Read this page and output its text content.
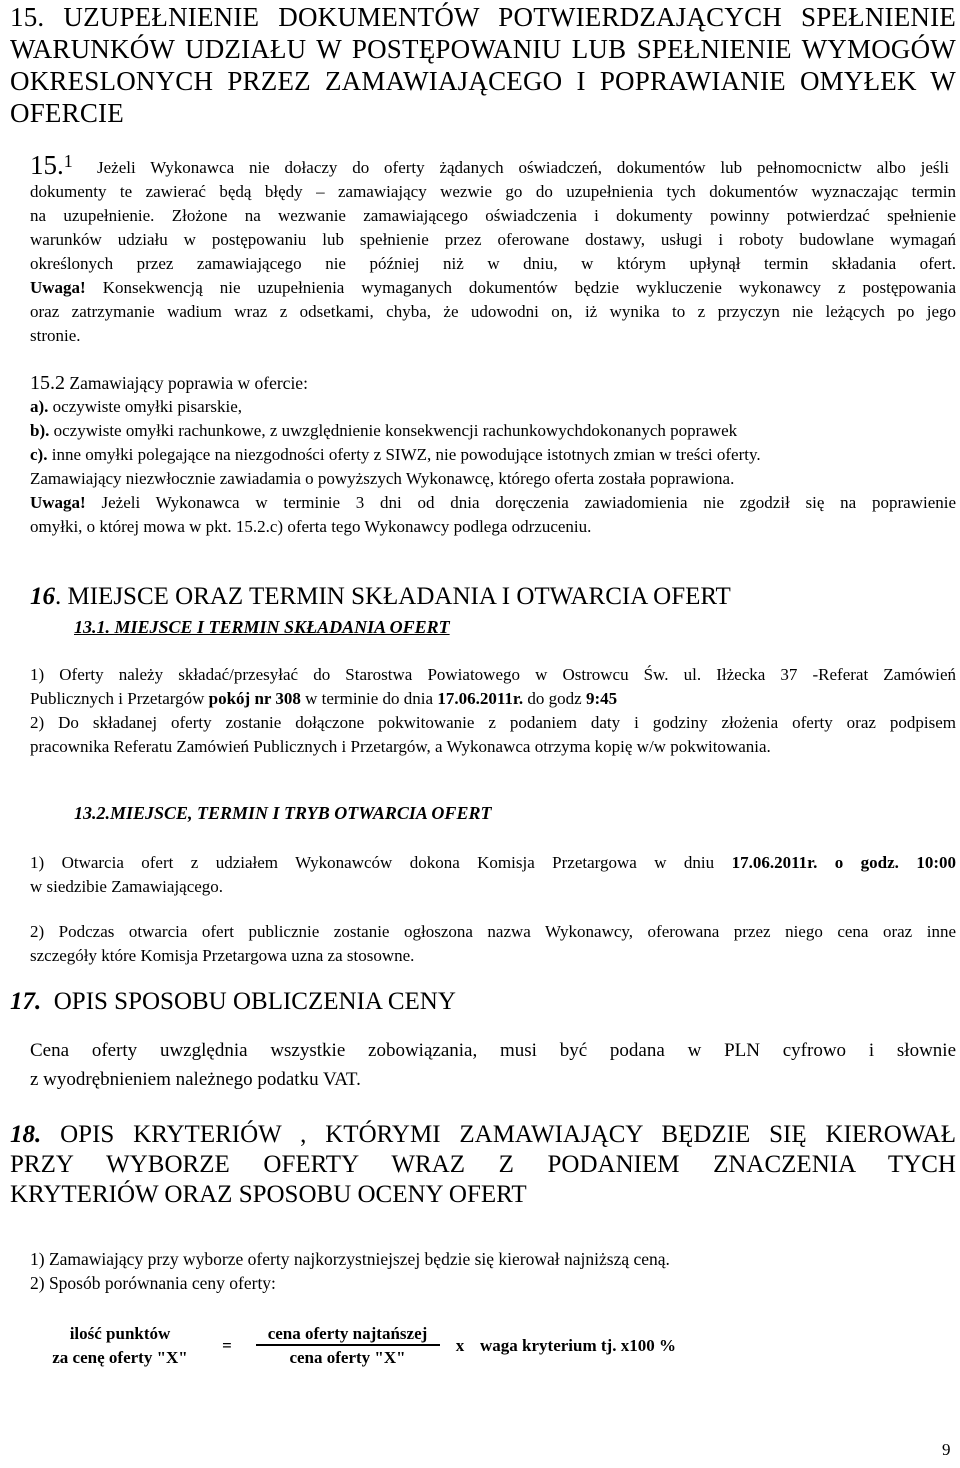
15. UZUPEŁNIENIE DOKUMENTÓW POTWIERDZAJĄCYCH SPEŁNIENIE
WARUNKÓW UDZIAŁU W POSTĘPOWANIU LUB SPEŁNIENIE WYMOGÓW
OKRESLONYCH PRZEZ ZAMAWIAJĄCEGO I POPRAWIANIE OMYŁEK W
OFERCIE
15.$^1$ Jeżeli Wykonawca nie dołaczy do oferty żądanych oświadczeń, dokumentów lub pełnomocnictw albo jeśli
dokumenty te zawierać będą błędy – zamawiający wezwie go do uzupełnienia tych dokumentów wyznaczając termin
na uzupełnienie. Złożone na wezwanie zamawiającego oświadczenia i dokumenty powinny potwierdzać spełnienie
warunków udziału w postępowaniu lub spełnienie przez oferowane dostawy, usługi i roboty budowlane wymagań
określonych przez zamawiającego nie później niż w dniu, w którym upłynął termin składania ofert.
Uwaga! Konsekwencją nie uzupełnienia wymaganych dokumentów będzie wykluczenie wykonawcy z postępowania
oraz zatrzymanie wadium wraz z odsetkami, chyba, że udowodni on, iż wynika to z przyczyn nie leżących po jego
stronie.
15.2 Zamawiający poprawia w ofercie:
a). oczywiste omyłki pisarskie,
b). oczywiste omyłki rachunkowe, z uwzględnienie konsekwencji rachunkowychdokonanych poprawek
c). inne omyłki polegające na niezgodności oferty z SIWZ, nie powodujące istotnych zmian w treści oferty.
Zamawiający niezwłocznie zawiadamia o powyższych Wykonawcę, którego oferta została poprawiona.
Uwaga! Jeżeli Wykonawca w terminie 3 dni od dnia doręczenia zawiadomienia nie zgodził się na poprawienie
omyłki, o której mowa w pkt. 15.2.c) oferta tego Wykonawcy podlega odrzuceniu.
16. MIEJSCE ORAZ TERMIN SKŁADANIA I OTWARCIA OFERT
13.1. MIEJSCE I TERMIN SKŁADANIA OFERT
1) Oferty należy składać/przesyłać do Starostwa Powiatowego w Ostrowcu Św. ul. Iłżecka 37 -Referat Zamówień
Publicznych i Przetargów pokój nr 308 w terminie do dnia 17.06.2011r. do godz 9:45
2) Do składanej oferty zostanie dołączone pokwitowanie z podaniem daty i godziny złożenia oferty oraz podpisem
pracownika Referatu Zamówień Publicznych i Przetargów, a Wykonawca otrzyma kopię w/w pokwitowania.
13.2.MIEJSCE, TERMIN I TRYB OTWARCIA OFERT
1) Otwarcia ofert z udziałem Wykonawców dokona Komisja Przetargowa w dniu 17.06.2011r. o godz. 10:00
w siedzibie Zamawiającego.
2) Podczas otwarcia ofert publicznie zostanie ogłoszona nazwa Wykonawcy, oferowana przez niego cena oraz inne
szczegóły które Komisja Przetargowa uzna za stosowne.
17. OPIS SPOSOBU OBLICZENIA CENY
Cena oferty uwzględnia wszystkie zobowiązania, musi być podana w PLN cyfrowo i słownie
z wyodrębnieniem należnego podatku VAT.
18. OPIS KRYTERIÓW , KTÓRYMI ZAMAWIAJĄCY BĘDZIE SIĘ KIEROWAŁ
PRZY WYBORZE OFERTY WRAZ Z PODANIEM ZNACZENIA TYCH
KRYTERIÓW ORAZ SPOSOBU OCENY OFERT
1) Zamawiający przy wyborze oferty najkorzystniejszej będzie się kierował najniższą ceną.
2) Sposób porównania ceny oferty:
ilość punktów
za cenę oferty "X"
=
cena oferty najtańszej
cena oferty "X"
x waga kryterium tj. x100 %
9
